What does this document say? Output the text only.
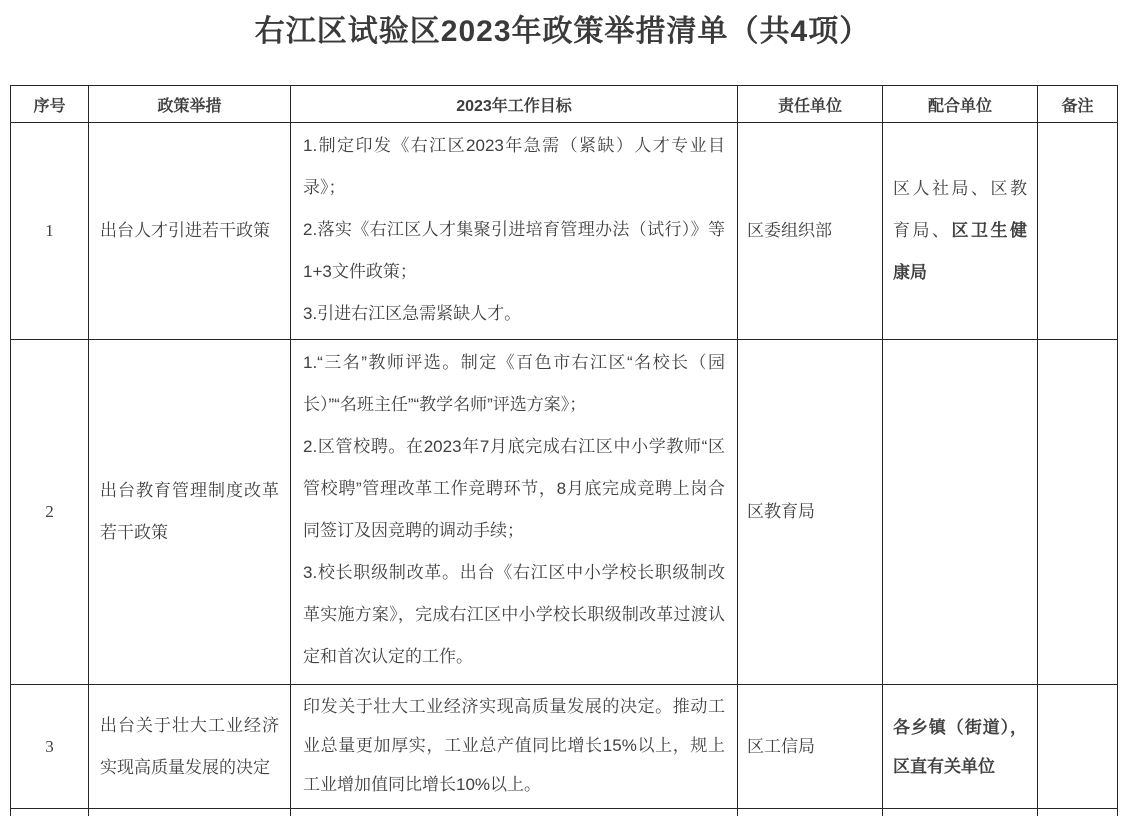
右江区试验区2023年政策举措清单（共4项）
序号	政策举措	2023年工作目标	责任单位	配合单位	备注
1	出台人才引进若干政策	1.制定印发《右江区2023年急需（紧缺）人才专业目录》；

2.落实《右江区人才集聚引进培育管理办法（试行）》等1+3文件政策；

3.引进右江区急需紧缺人才。	区委组织部	区人社局、区教育局、区卫生健康局	
2	出台教育管理制度改革若干政策	1.“三名”教师评选。制定《百色市右江区“名校长（园长）”“名班主任”“教学名师”评选方案》；

2.区管校聘。在2023年7月底完成右江区中小学教师“区管校聘”管理改革工作竞聘环节，8月底完成竞聘上岗合同签订及因竞聘的调动手续；

3.校长职级制改革。出台《右江区中小学校长职级制改革实施方案》，完成右江区中小学校长职级制改革过渡认定和首次认定的工作。	区教育局		
3	出台关于壮大工业经济实现高质量发展的决定	印发关于壮大工业经济实现高质量发展的决定。推动工业总量更加厚实，工业总产值同比增长15%以上，规上工业增加值同比增长10%以上。	区工信局	各乡镇（街道），区直有关单位	
